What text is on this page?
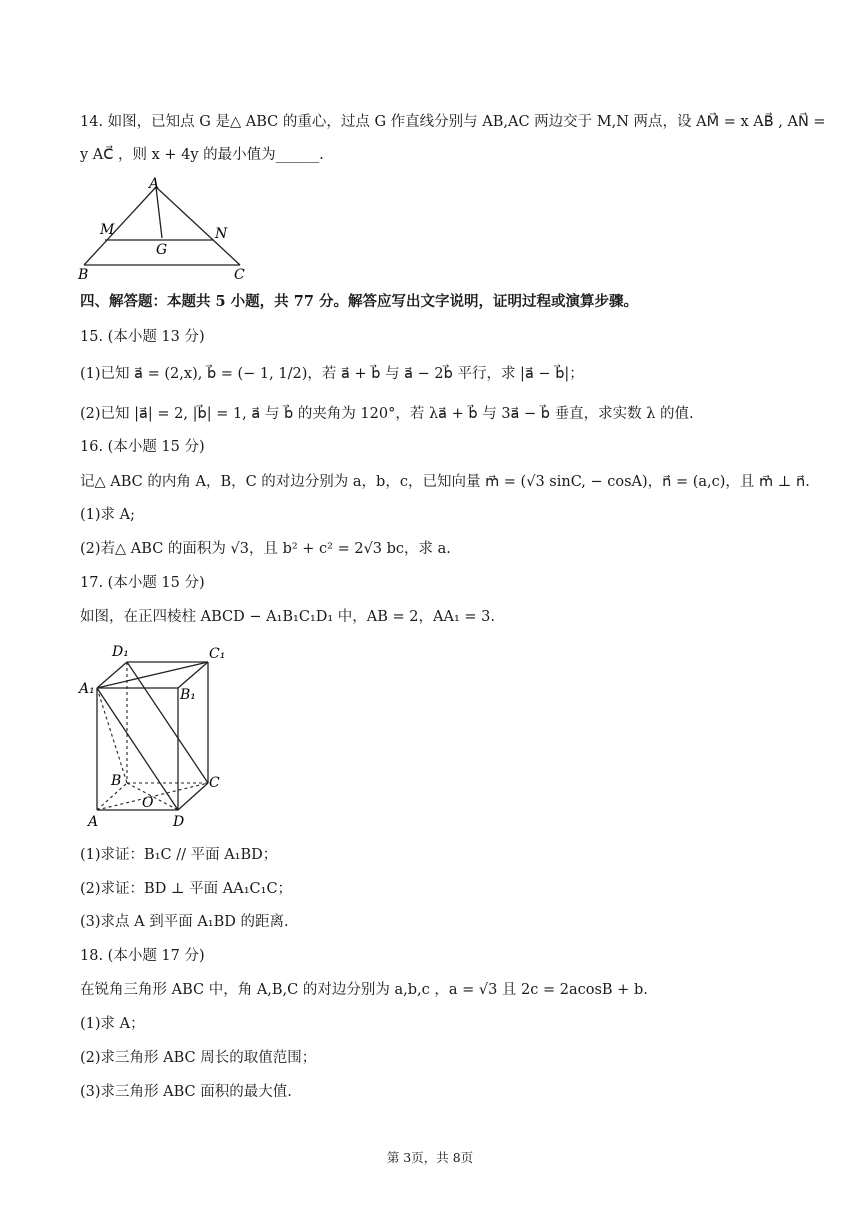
14. 如图，已知点 G 是△ ABC 的重心，过点 G 作直线分别与 AB,AC 两边交于 M,N 两点，设 AM⃗ = x AB⃗ , AN⃗ =
y AC⃗ ，则 x + 4y 的最小值为______.
A
M
G
N
B	C
四、解答题：本题共 5 小题，共 77 分。解答应写出文字说明，证明过程或演算步骤。
15. (本小题 13 分)
(1)已知 a⃗ = (2,x), b⃗ = (− 1, 1/2)，若 a⃗ + b⃗ 与 a⃗ − 2b⃗ 平行，求 |a⃗ − b⃗|；
(2)已知 |a⃗| = 2, |b⃗| = 1, a⃗ 与 b⃗ 的夹角为 120°，若 λa⃗ + b⃗ 与 3a⃗ − b⃗ 垂直，求实数 λ 的值.
16. (本小题 15 分)
记△ ABC 的内角 A，B，C 的对边分别为 a，b，c，已知向量 m⃗ = (√3 sinC, − cosA)，n⃗ = (a,c)，且 m⃗ ⊥ n⃗.
(1)求 A;
(2)若△ ABC 的面积为 √3，且 b² + c² = 2√3 bc，求 a.
17. (本小题 15 分)
如图，在正四棱柱 ABCD − A₁B₁C₁D₁ 中，AB = 2，AA₁ = 3.
D₁	C₁
A₁	B₁
B	C
O
A	D
(1)求证：B₁C // 平面 A₁BD；
(2)求证：BD ⊥ 平面 AA₁C₁C；
(3)求点 A 到平面 A₁BD 的距离.
18. (本小题 17 分)
在锐角三角形 ABC 中，角 A,B,C 的对边分别为 a,b,c ，a = √3 且 2c = 2acosB + b.
(1)求 A；
(2)求三角形 ABC 周长的取值范围；
(3)求三角形 ABC 面积的最大值.
第 3页，共 8页
